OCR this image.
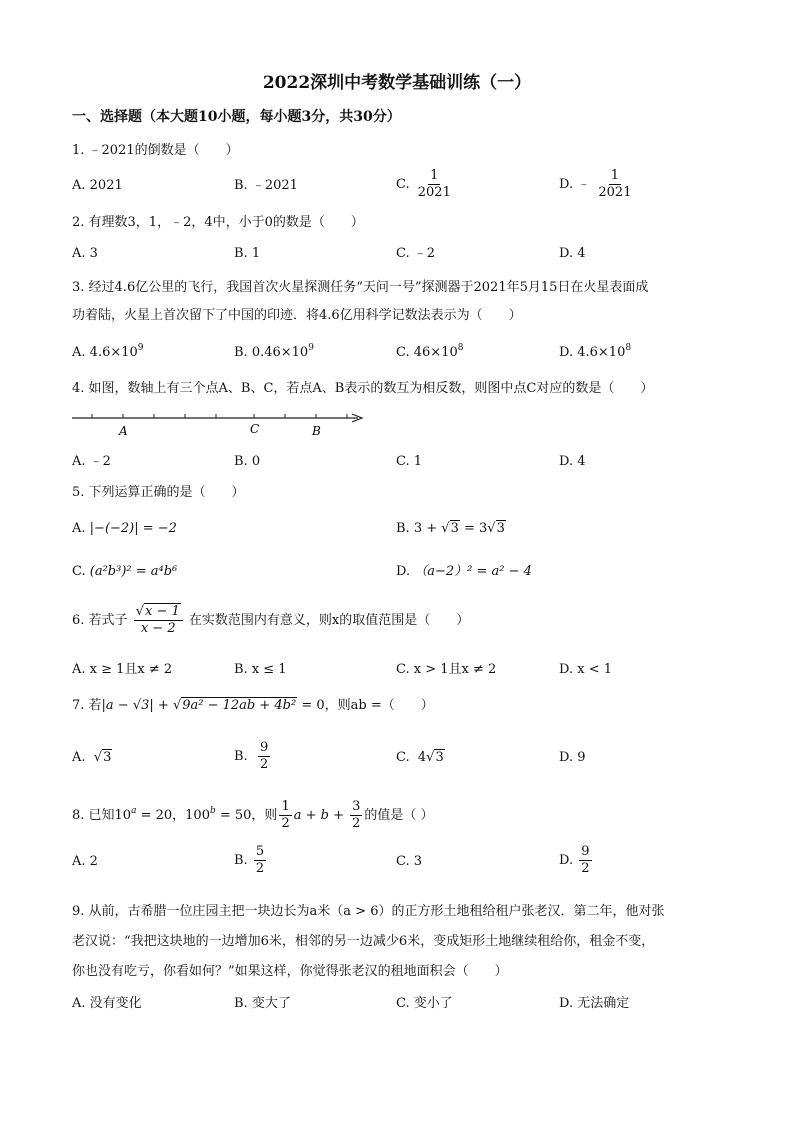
2022深圳中考数学基础训练（一）
一、选择题（本大题10小题，每小题3分，共30分）
1. ﹣2021的倒数是（　　）
A. 2021	B. ﹣2021	C. $\frac{1}{2021}$	D. ﹣ $\frac{1}{2021}$
2. 有理数3，1，﹣2，4中，小于0的数是（　　）
A. 3	B. 1	C. ﹣2	D. 4
3. 经过4.6亿公里的飞行，我国首次火星探测任务“天问一号”探测器于2021年5月15日在火星表面成
功着陆，火星上首次留下了中国的印迹．将4.6亿用科学记数法表示为（　　）
A. $4.6\times 10^9$	B. $0.46\times 10^9$	C. $46\times 10^8$	D. $4.6\times 10^8$
4. 如图，数轴上有三个点A、B、C，若点A、B表示的数互为相反数，则图中点C对应的数是（　　）
A	C	B
A. ﹣2	B. 0	C. 1	D. 4
5. 下列运算正确的是（　　）
A. |−(−2)| = −2	B. 3 + √3 = 3√3
C. (a²b³)² = a⁴b⁶	D. （a−2）² = a² − 4
6. 若式子 $\frac{√x - 1}{x - 2}$ 在实数范围内有意义，则x的取值范围是（　　）
A. x ≥ 1且x ≠ 2	B. x ≤ 1	C. x > 1且x ≠ 2	D. x < 1
7. 若|a − √3| + √9a² − 12ab + 4b² = 0，则ab =（　　）
A.  √3	B. $\frac{9}{2}$	C. 4√3	D. 9
8. 已知$10^a = 20$，$100^b = 50$，则 $\frac{1}{2}$ $a + b + \frac{3}{2}$ 的值是（ ）
A. 2	B. $\frac{5}{2}$	C. 3	D. $\frac{9}{2}$
9. 从前，古希腊一位庄园主把一块边长为a米（a > 6）的正方形土地租给租户张老汉．第二年，他对张
老汉说：“我把这块地的一边增加6米，相邻的另一边减少6米，变成矩形土地继续租给你，租金不变，
你也没有吃亏，你看如何？”如果这样，你觉得张老汉的租地面积会（　　）
A. 没有变化	B. 变大了	C. 变小了	D. 无法确定
